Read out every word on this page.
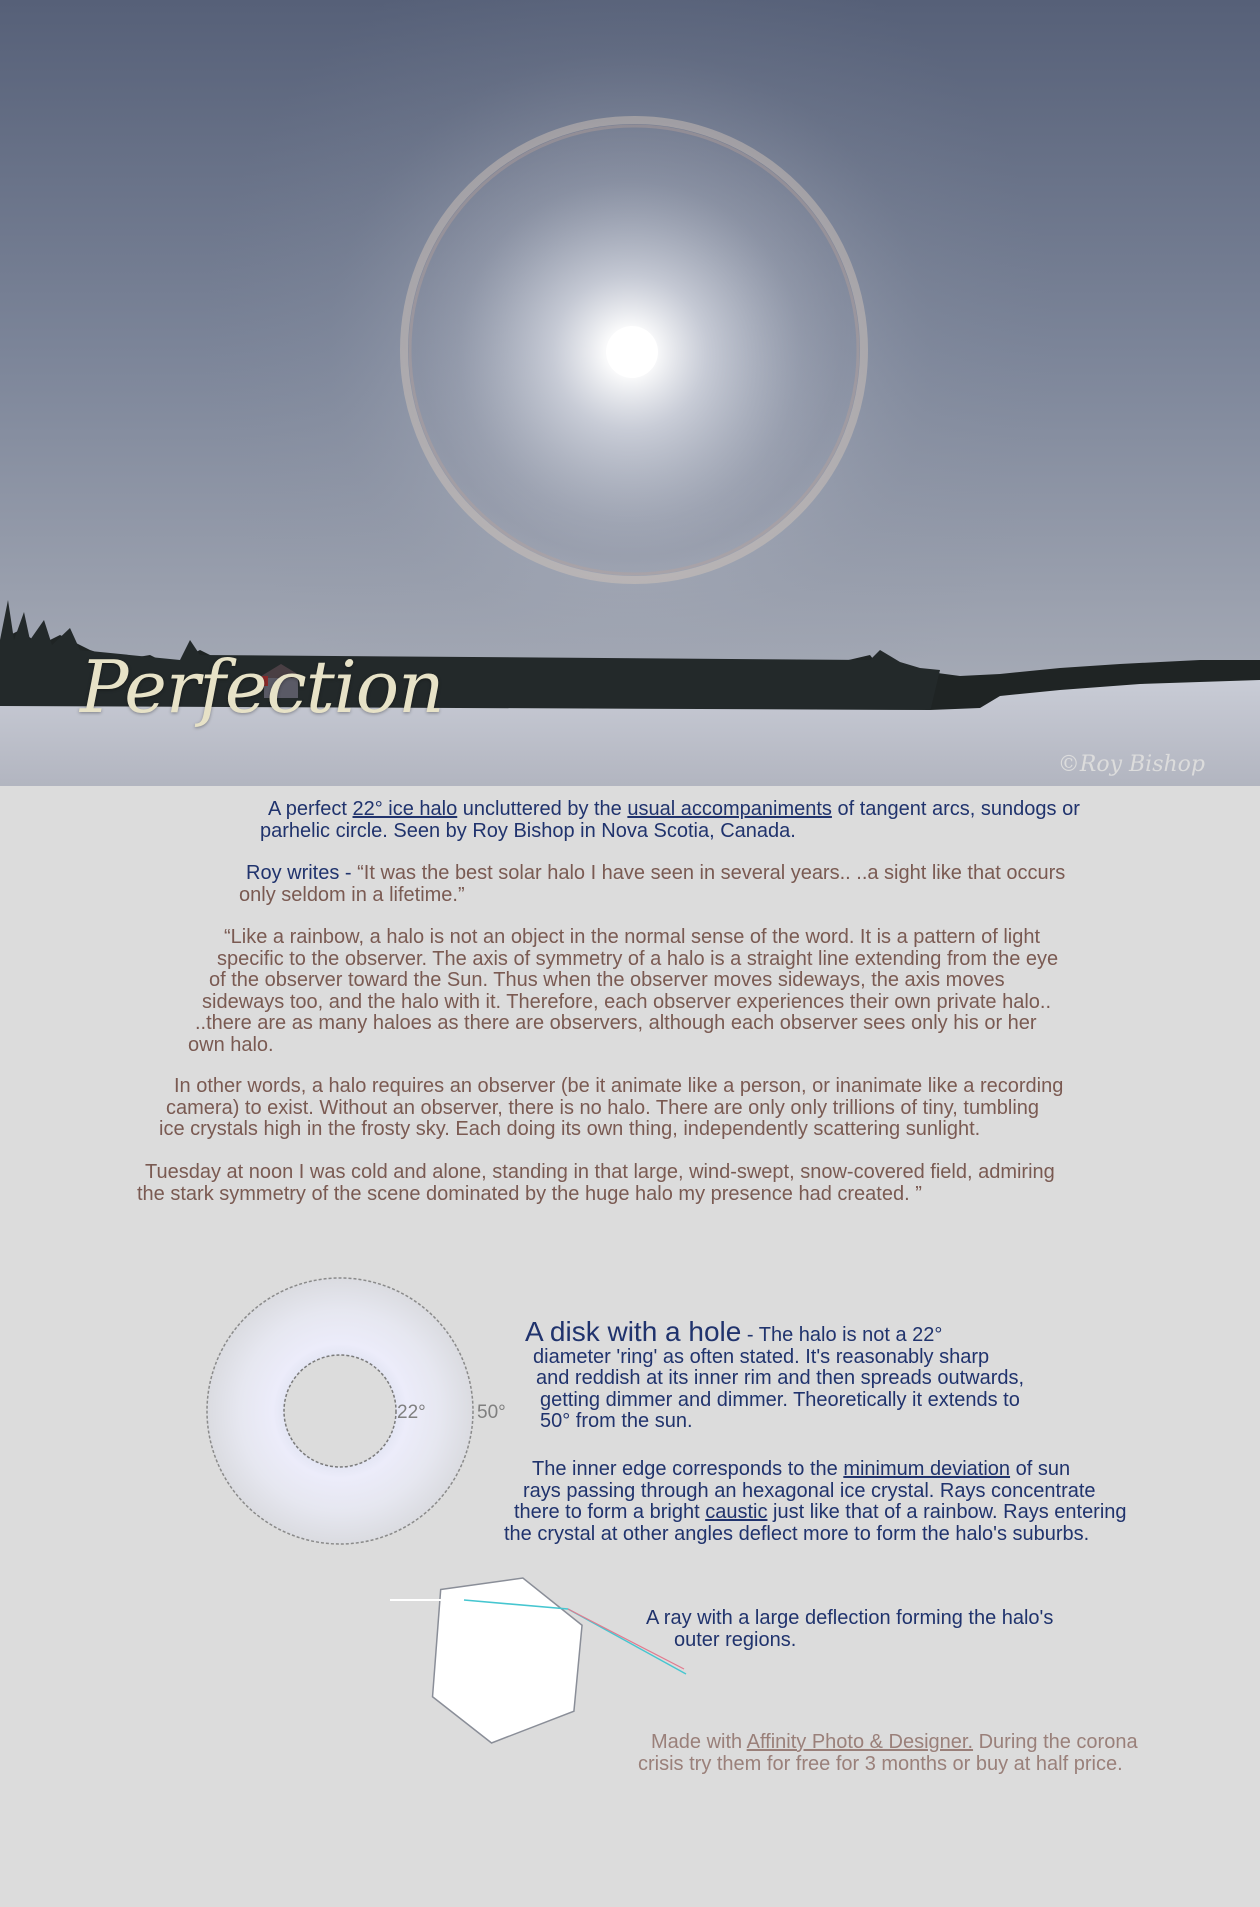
Perfection
©Roy Bishop
A perfect 22° ice halo uncluttered by the usual accompaniments of tangent arcs, sundogs or
parhelic circle. Seen by Roy Bishop in Nova Scotia, Canada.
Roy writes - “It was the best solar halo I have seen in several years.. ..a sight like that occurs
only seldom in a lifetime.”
“Like a rainbow, a halo is not an object in the normal sense of the word. It is a pattern of light
specific to the observer. The axis of symmetry of a halo is a straight line extending from the eye
of the observer toward the Sun. Thus when the observer moves sideways, the axis moves
sideways too, and the halo with it. Therefore, each observer experiences their own private halo..
..there are as many haloes as there are observers, although each observer sees only his or her
own halo.
In other words, a halo requires an observer (be it animate like a person, or inanimate like a recording
camera) to exist. Without an observer, there is no halo. There are only only trillions of tiny, tumbling
ice crystals high in the frosty sky. Each doing its own thing, independently scattering sunlight.
Tuesday at noon I was cold and alone, standing in that large, wind-swept, snow-covered field, admiring
the stark symmetry of the scene dominated by the huge halo my presence had created. ”
22°	50°
A disk with a hole - The halo is not a 22°
diameter 'ring' as often stated. It's reasonably sharp
and reddish at its inner rim and then spreads outwards,
getting dimmer and dimmer. Theoretically it extends to
50° from the sun.
The inner edge corresponds to the minimum deviation of sun
rays passing through an hexagonal ice crystal. Rays concentrate
there to form a bright caustic just like that of a rainbow. Rays entering
the crystal at other angles deflect more to form the halo's suburbs.
A ray with a large deflection forming the halo's
outer regions.
Made with Affinity Photo & Designer. During the corona
crisis try them for free for 3 months or buy at half price.
